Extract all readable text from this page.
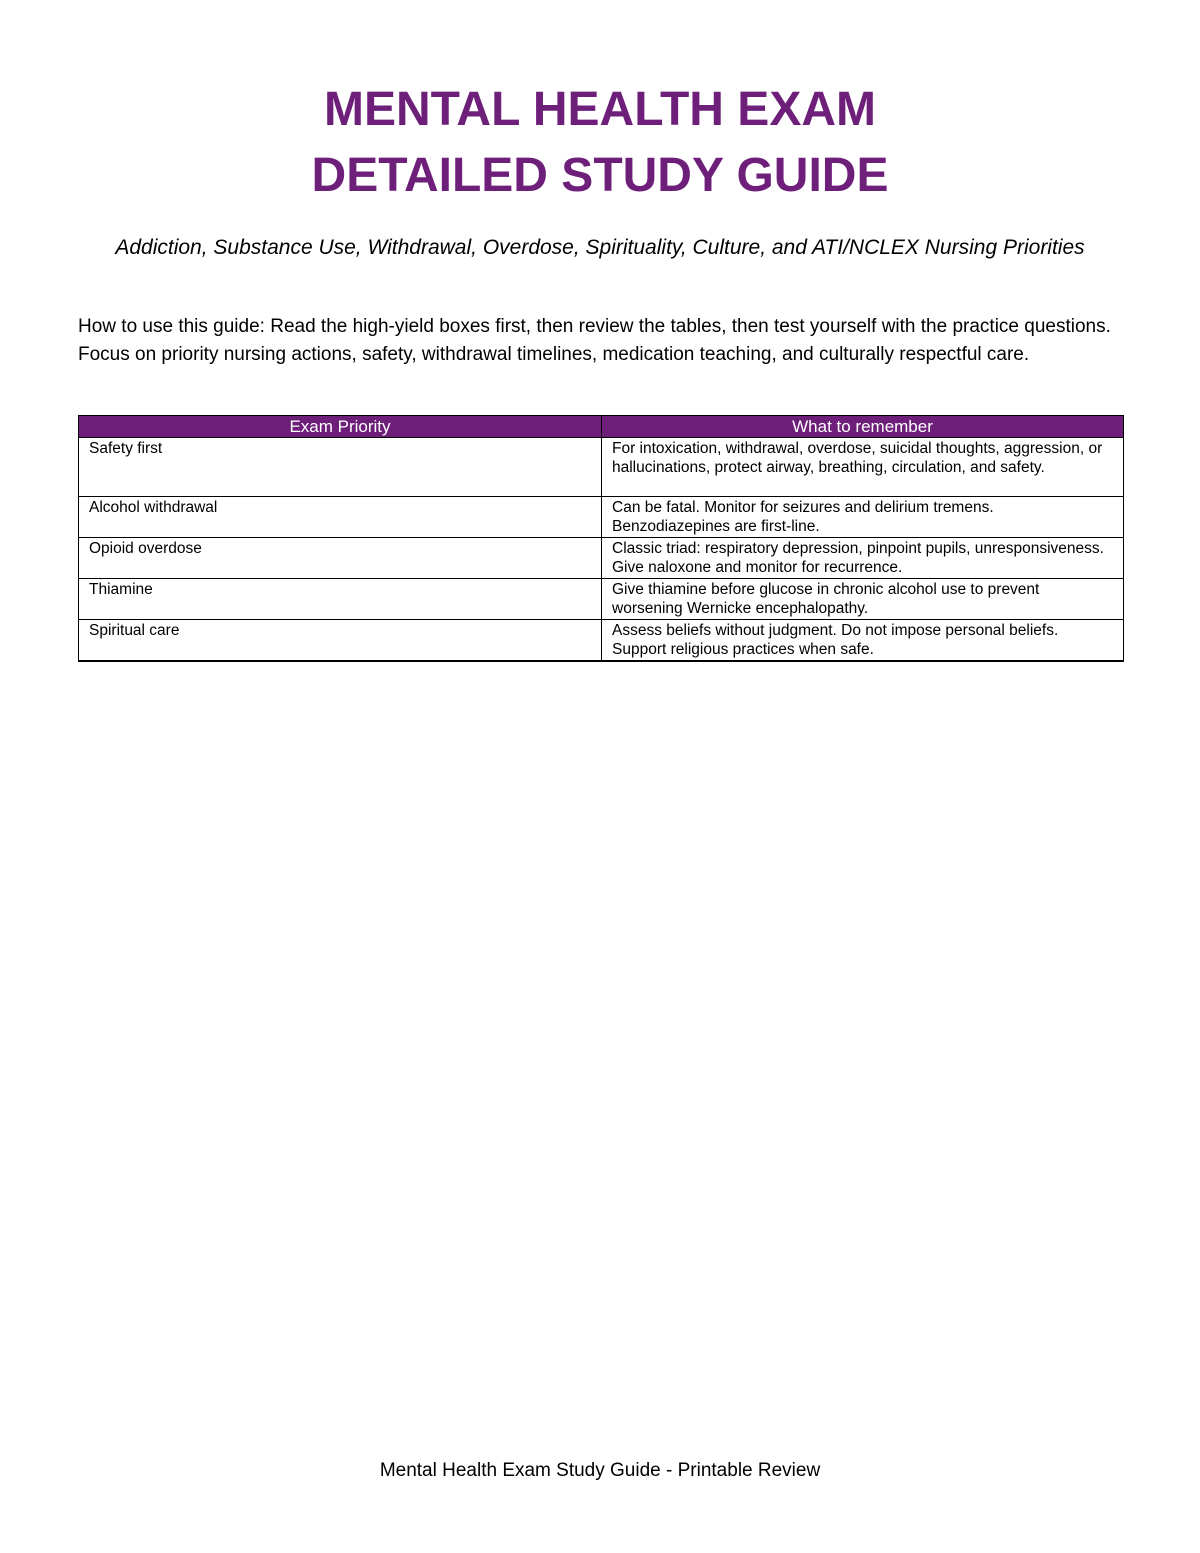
MENTAL HEALTH EXAM
DETAILED STUDY GUIDE

Addiction, Substance Use, Withdrawal, Overdose, Spirituality, Culture, and ATI/NCLEX Nursing Priorities

How to use this guide: Read the high-yield boxes first, then review the tables, then test yourself with the practice questions. Focus on priority nursing actions, safety, withdrawal timelines, medication teaching, and culturally respectful care.

Exam Priority	What to remember
Safety first	For intoxication, withdrawal, overdose, suicidal thoughts, aggression, or hallucinations, protect airway, breathing, circulation, and safety.
Alcohol withdrawal	Can be fatal. Monitor for seizures and delirium tremens. Benzodiazepines are first-line.
Opioid overdose	Classic triad: respiratory depression, pinpoint pupils, unresponsiveness. Give naloxone and monitor for recurrence.
Thiamine	Give thiamine before glucose in chronic alcohol use to prevent worsening Wernicke encephalopathy.
Spiritual care	Assess beliefs without judgment. Do not impose personal beliefs. Support religious practices when safe.

Mental Health Exam Study Guide - Printable Review
